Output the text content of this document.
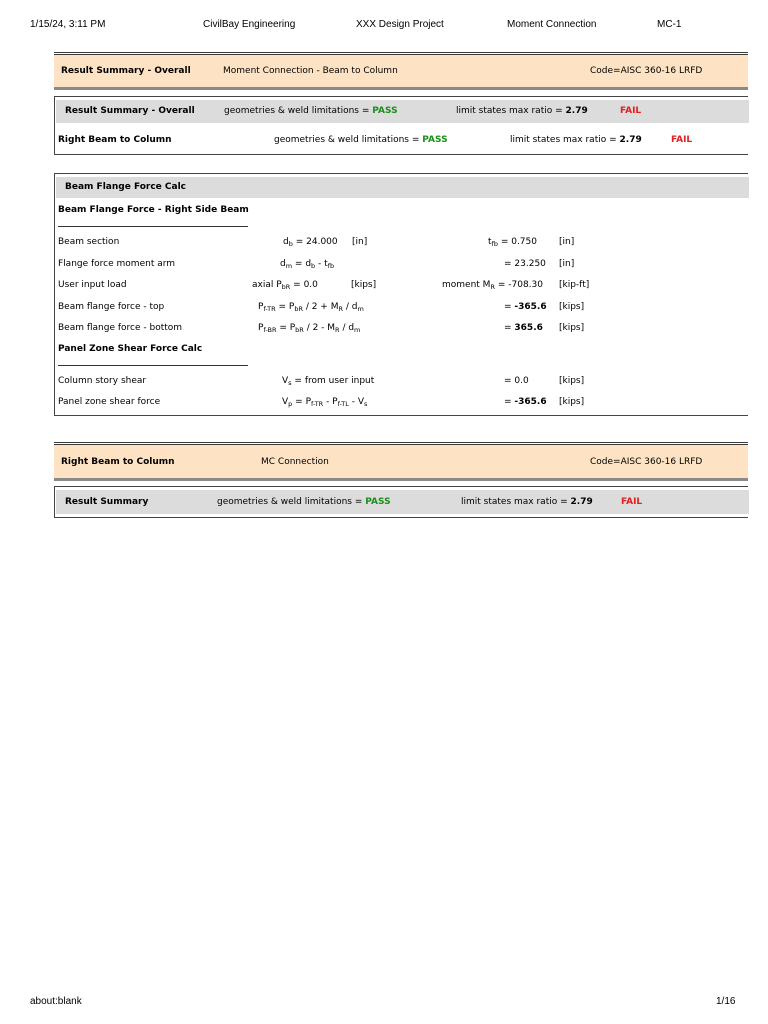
1/15/24, 3:11 PM	CivilBay Engineering	XXX Design Project	Moment Connection	MC-1
Result Summary - Overall	Moment Connection - Beam to Column	Code=AISC 360-16 LRFD
Result Summary - Overall	geometries & weld limitations = PASS	limit states max ratio = 2.79	FAIL
Right Beam to Column	geometries & weld limitations = PASS	limit states max ratio = 2.79	FAIL
Beam Flange Force Calc
Beam Flange Force - Right Side Beam
Beam section	$d_b = 24.000$ [in]	$t_{fb} = 0.750$ [in]
Flange force moment arm	$d_m = d_b - t_{fb}$	= 23.250 [in]
User input load	axial $P_{bR} = 0.0$	[kips]	moment $M_R = -708.30$ [kip-ft]
Beam flange force - top	$P_{f-TR} = P_{bR} / 2 + M_R / d_m$	= -365.6 [kips]
Beam flange force - bottom	$P_{f-BR} = P_{bR} / 2 - M_R / d_m$	= 365.6 [kips]
Panel Zone Shear Force Calc
Column story shear	$V_s$ = from user input	= 0.0	[kips]
Panel zone shear force	$V_p = P_{f-TR} - P_{f-TL} - V_s$	= -365.6 [kips]
Right Beam to Column	MC Connection	Code=AISC 360-16 LRFD
Result Summary	geometries & weld limitations = PASS	limit states max ratio = 2.79	FAIL
about:blank	1/16
